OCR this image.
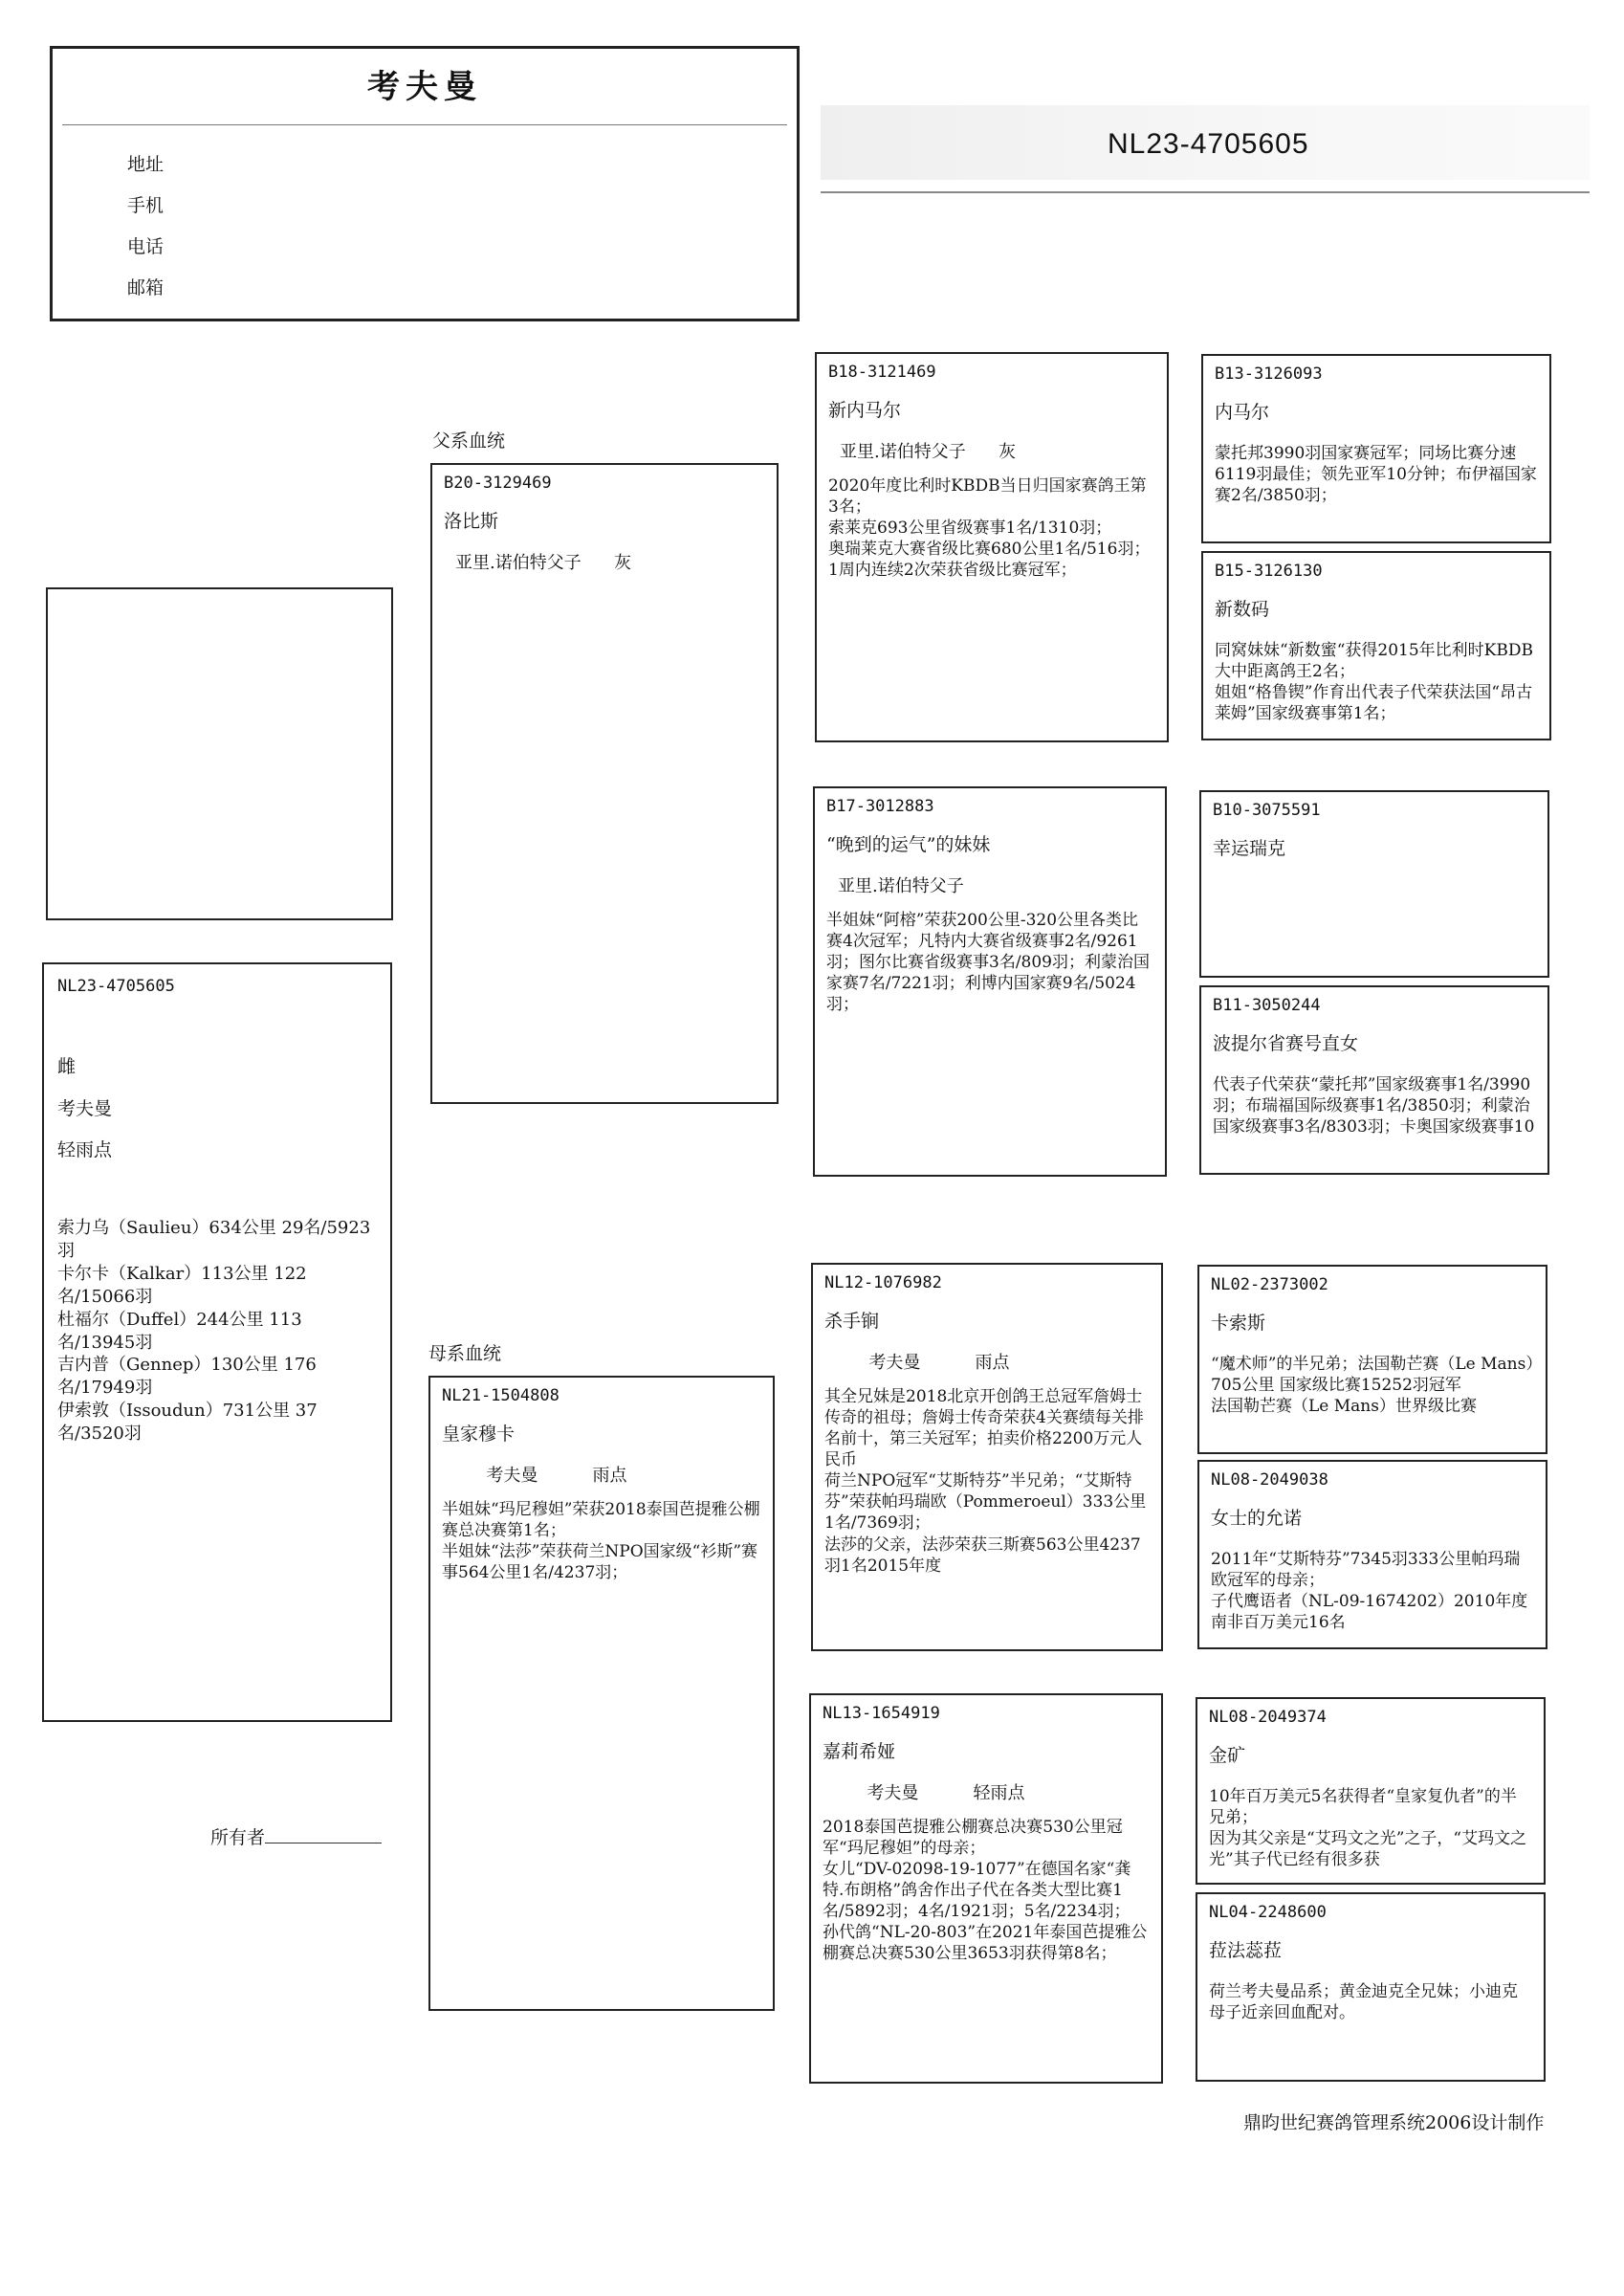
考夫曼
地址
手机
电话
邮箱
NL23-4705605
NL23-4705605
雌
考夫曼
轻雨点
索力乌（Saulieu）634公里 29名/5923羽
卡尔卡（Kalkar）113公里 122名/15066羽
杜福尔（Duffel）244公里 113名/13945羽
吉内普（Gennep）130公里 176名/17949羽
伊索敦（Issoudun）731公里 37名/3520羽
所有者
父系血统
母系血统
B20-3129469
洛比斯
亚里.诺伯特父子      灰
NL21-1504808
皇家穆卡
考夫曼          雨点
半姐妹“玛尼穆妲”荣获2018泰国芭提雅公棚赛总决赛第1名；
半姐妹“法莎”荣获荷兰NPO国家级“衫斯”赛事564公里1名/4237羽；
B18-3121469
新内马尔
亚里.诺伯特父子      灰
2020年度比利时KBDB当日归国家赛鸽王第3名；
索莱克693公里省级赛事1名/1310羽；
奥瑞莱克大赛省级比赛680公里1名/516羽；
1周内连续2次荣获省级比赛冠军；
B17-3012883
“晚到的运气”的妹妹
亚里.诺伯特父子
半姐妹“阿榕”荣获200公里-320公里各类比赛4次冠军；凡特内大赛省级赛事2名/9261羽；图尔比赛省级赛事3名/809羽；利蒙治国家赛7名/7221羽；利博内国家赛9名/5024羽；
NL12-1076982
杀手锏
考夫曼          雨点
其全兄妹是2018北京开创鸽王总冠军詹姆士传奇的祖母；詹姆士传奇荣获4关赛绩每关排名前十，第三关冠军；拍卖价格2200万元人民币
荷兰NPO冠军“艾斯特芬”半兄弟；“艾斯特芬”荣获帕玛瑞欧（Pommeroeul）333公里 1名/7369羽；
法莎的父亲，法莎荣获三斯赛563公里4237羽1名2015年度
NL13-1654919
嘉莉希娅
考夫曼          轻雨点
2018泰国芭提雅公棚赛总决赛530公里冠军“玛尼穆妲”的母亲；
女儿“DV-02098-19-1077”在德国名家“龚特.布朗格”鸽舍作出子代在各类大型比赛1名/5892羽；4名/1921羽；5名/2234羽；
孙代鸽“NL-20-803”在2021年泰国芭提雅公棚赛总决赛530公里3653羽获得第8名；
B13-3126093
内马尔
蒙托邦3990羽国家赛冠军；同场比赛分速6119羽最佳；领先亚军10分钟；布伊福国家赛2名/3850羽；
B15-3126130
新数码
同窝妹妹“新数蜜“获得2015年比利时KBDB大中距离鸽王2名；
姐姐“格鲁锲”作育出代表子代荣获法国“昂古莱姆”国家级赛事第1名；
B10-3075591
幸运瑞克
B11-3050244
波提尔省赛号直女
代表子代荣获“蒙托邦”国家级赛事1名/3990羽；布瑞福国际级赛事1名/3850羽；利蒙治国家级赛事3名/8303羽；卡奥国家级赛事10
NL02-2373002
卡索斯
“魔术师”的半兄弟；法国勒芒赛（Le Mans）705公里 国家级比赛15252羽冠军
法国勒芒赛（Le Mans）世界级比赛
NL08-2049038
女士的允诺
2011年“艾斯特芬”7345羽333公里帕玛瑞欧冠军的母亲；
子代鹰语者（NL-09-1674202）2010年度南非百万美元16名
NL08-2049374
金矿
10年百万美元5名获得者“皇家复仇者”的半兄弟；
因为其父亲是“艾玛文之光”之子，“艾玛文之光”其子代已经有很多获
NL04-2248600
菈法蕊菈
荷兰考夫曼品系；黄金迪克全兄妹；小迪克母子近亲回血配对。
鼎昀世纪赛鸽管理系统2006设计制作
